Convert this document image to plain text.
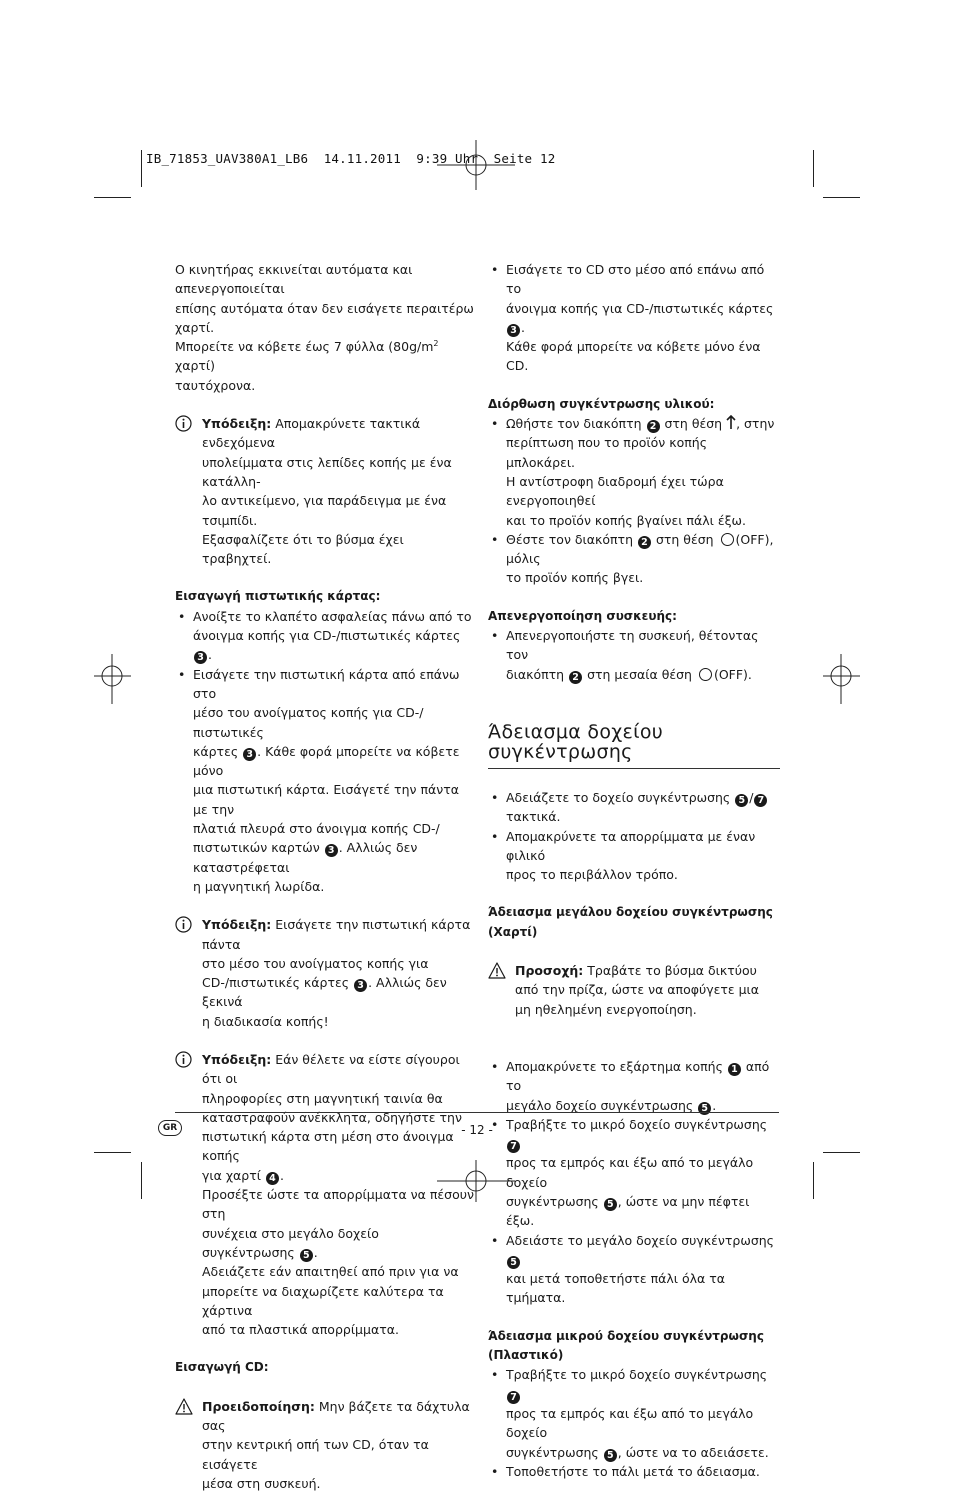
IB_71853_UAV380A1_LB6  14.11.2011  9:39 Uhr  Seite 12

Ο κινητήρας εκκινείται αυτόματα και απενεργοποιείται

επίσης αυτόματα όταν δεν εισάγετε περαιτέρω χαρτί.

Μπορείτε να κόβετε έως 7 φύλλα ($80g/m^2$ χαρτί)

ταυτόχρονα.

Υπόδειξη: Απομακρύνετε τακτικά ενδεχόμενα

υπολείμματα στις λεπίδες κοπής με ένα κατάλλη-

λο αντικείμενο, για παράδειγμα με ένα τσιμπίδι.

Εξασφαλίζετε ότι το βύσμα έχει τραβηχτεί.

Εισαγωγή πιστωτικής κάρτας:

• Ανοίξτε το κλαπέτο ασφαλείας πάνω από το
άνοιγμα κοπής για CD-/πιστωτικές κάρτες 3 .
• Εισάγετε την πιστωτική κάρτα από επάνω στο
μέσο του ανοίγματος κοπής για CD-/πιστωτικές
κάρτες 3 . Κάθε φορά μπορείτε να κόβετε μόνο
μια πιστωτική κάρτα. Εισάγετέ την πάντα με την
πλατιά πλευρά στο άνοιγμα κοπής CD-/
πιστωτικών καρτών 3 . Αλλιώς δεν καταστρέφεται
η μαγνητική λωρίδα.

Υπόδειξη: Εισάγετε την πιστωτική κάρτα πάντα

στο μέσο του ανοίγματος κοπής για

CD-/πιστωτικές κάρτες 3 . Αλλιώς δεν ξεκινά

η διαδικασία κοπής!

Υπόδειξη: Εάν θέλετε να είστε σίγουροι ότι οι

πληροφορίες στη μαγνητική ταινία θα

καταστραφούν ανέκκλητα, οδηγήστε την

πιστωτική κάρτα στη μέση στο άνοιγμα κοπής

για χαρτί 4 .

Προσέξτε ώστε τα απορρίμματα να πέσουν στη

συνέχεια στο μεγάλο δοχείο συγκέντρωσης 5 .

Αδειάζετε εάν απαιτηθεί από πριν για να

μπορείτε να διαχωρίζετε καλύτερα τα χάρτινα

από τα πλαστικά απορρίμματα.

Εισαγωγή CD:

Προειδοποίηση: Μην βάζετε τα δάχτυλα σας

στην κεντρική οπή των CD, όταν τα εισάγετε

μέσα στη συσκευή.

• Εισάγετε το CD στο μέσο από επάνω από το
άνοιγμα κοπής για CD-/πιστωτικές κάρτες 3 .
Κάθε φορά μπορείτε να κόβετε μόνο ένα CD.

Διόρθωση συγκέντρωσης υλικού:

• Ωθήστε τον διακόπτη 2 στη θέση , στην
περίπτωση που το προϊόν κοπής μπλοκάρει.
Η αντίστροφη διαδρομή έχει τώρα ενεργοποιηθεί
και το προϊόν κοπής βγαίνει πάλι έξω.
• Θέστε τον διακόπτη 2 στη θέση (OFF), μόλις
το προϊόν κοπής βγει.

Απενεργοποίηση συσκευής:

• Απενεργοποιήστε τη συσκευή, θέτοντας τον
διακόπτη 2 στη μεσαία θέση (OFF).
Άδειασμα δοχείου
συγκέντρωσης
• Αδειάζετε το δοχείο συγκέντρωσης 5 / 7 τακτικά.
• Απομακρύνετε τα απορρίμματα με έναν φιλικό
προς το περιβάλλον τρόπο.

Άδειασμα μεγάλου δοχείου συγκέντρωσης (Χαρτί)

Προσοχή: Τραβάτε το βύσμα δικτύου

από την πρίζα, ώστε να αποφύγετε μια

μη ηθελημένη ενεργοποίηση.

• Απομακρύνετε το εξάρτημα κοπής 1 από το
μεγάλο δοχείο συγκέντρωσης 5 .
• Τραβήξτε το μικρό δοχείο συγκέντρωσης 7
προς τα εμπρός και έξω από το μεγάλο δοχείο
συγκέντρωσης 5 , ώστε να μην πέφτει έξω.
• Αδειάστε το μεγάλο δοχείο συγκέντρωσης 5
και μετά τοποθετήστε πάλι όλα τα τμήματα.

Άδειασμα μικρού δοχείου συγκέντρωσης
(Πλαστικό)

• Τραβήξτε το μικρό δοχείο συγκέντρωσης 7
προς τα εμπρός και έξω από το μεγάλο δοχείο
συγκέντρωσης 5 , ώστε να το αδειάσετε.
• Τοποθετήστε το πάλι μετά το άδειασμα.
GR	- 12 -
